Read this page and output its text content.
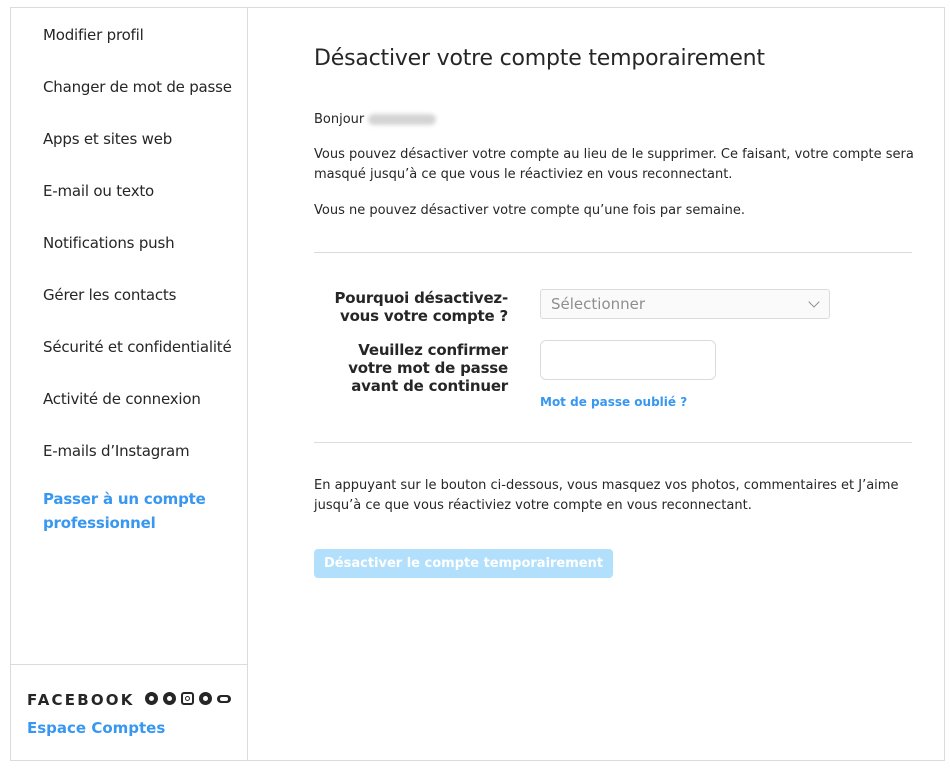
Modifier profil
Changer de mot de passe
Apps et sites web
E-mail ou texto
Notifications push
Gérer les contacts
Sécurité et confidentialité
Activité de connexion
E-mails d’Instagram
Passer à un compte professionnel
FACEBOOK
Espace Comptes
Désactiver votre compte temporairement
Bonjour
Vous pouvez désactiver votre compte au lieu de le supprimer. Ce faisant, votre compte sera masqué jusqu’à ce que vous le réactiviez en vous reconnectant.
Vous ne pouvez désactiver votre compte qu’une fois par semaine.
Pourquoi désactivez-vous votre compte ?
Sélectionner
Veuillez confirmer votre mot de passe avant de continuer
Mot de passe oublié ?
En appuyant sur le bouton ci-dessous, vous masquez vos photos, commentaires et J’aime jusqu’à ce que vous réactiviez votre compte en vous reconnectant.
Désactiver le compte temporairement
